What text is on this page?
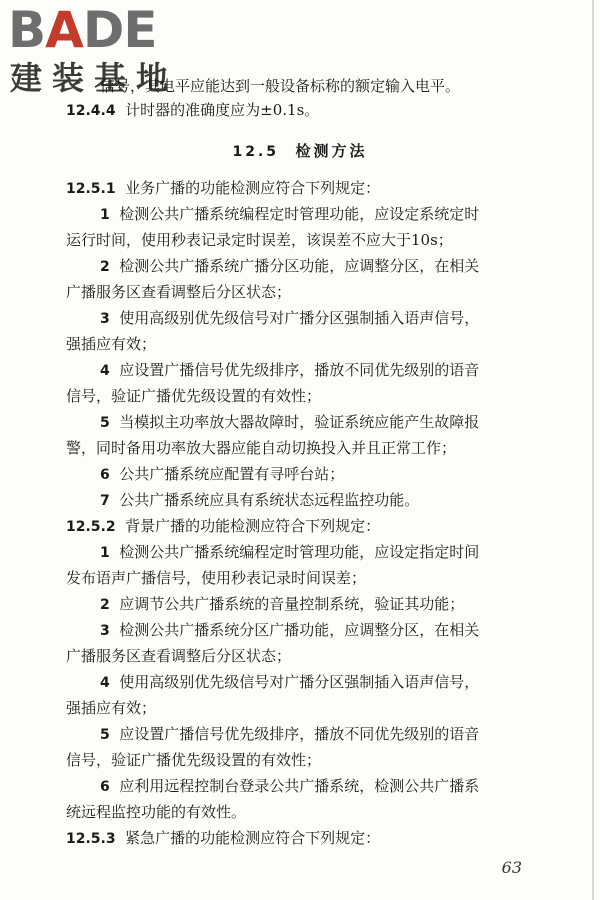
BADE
建装基地
信号，其电平应能达到一般设备标称的额定输入电平。
12.4.4 计时器的准确度应为±0.1s。
12.5 检测方法
12.5.1 业务广播的功能检测应符合下列规定：
1 检测公共广播系统编程定时管理功能，应设定系统定时
运行时间，使用秒表记录定时误差，该误差不应大于10s；
2 检测公共广播系统广播分区功能，应调整分区，在相关
广播服务区查看调整后分区状态；
3 使用高级别优先级信号对广播分区强制插入语声信号，
强插应有效；
4 应设置广播信号优先级排序，播放不同优先级别的语音
信号，验证广播优先级设置的有效性；
5 当模拟主功率放大器故障时，验证系统应能产生故障报
警，同时备用功率放大器应能自动切换投入并且正常工作；
6 公共广播系统应配置有寻呼台站；
7 公共广播系统应具有系统状态远程监控功能。
12.5.2 背景广播的功能检测应符合下列规定：
1 检测公共广播系统编程定时管理功能，应设定指定时间
发布语声广播信号，使用秒表记录时间误差；
2 应调节公共广播系统的音量控制系统，验证其功能；
3 检测公共广播系统分区广播功能，应调整分区，在相关
广播服务区查看调整后分区状态；
4 使用高级别优先级信号对广播分区强制插入语声信号，
强插应有效；
5 应设置广播信号优先级排序，播放不同优先级别的语音
信号，验证广播优先级设置的有效性；
6 应利用远程控制台登录公共广播系统，检测公共广播系
统远程监控功能的有效性。
12.5.3 紧急广播的功能检测应符合下列规定：
63
